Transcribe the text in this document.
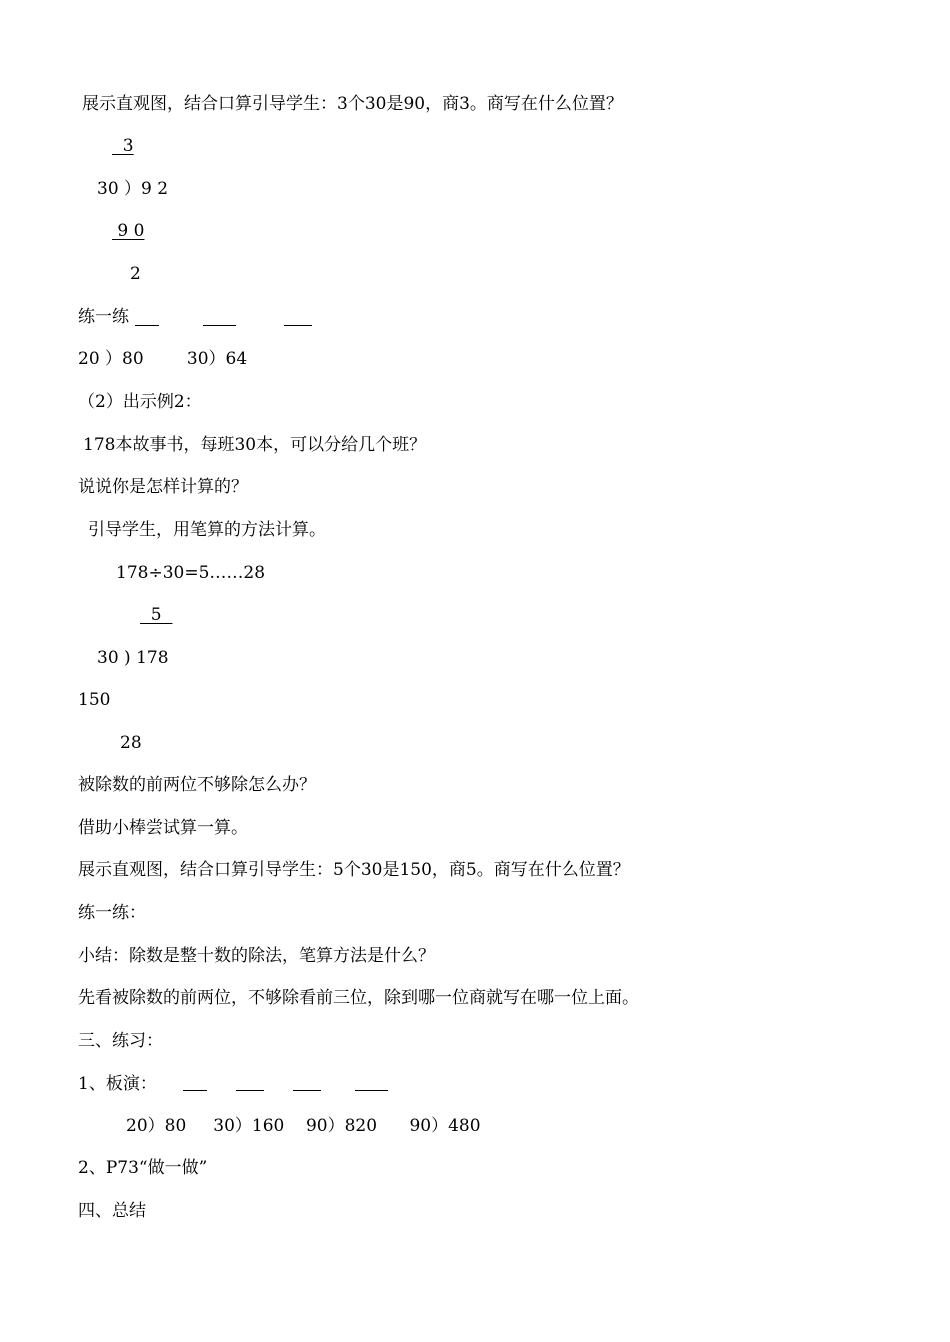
展示直观图，结合口算引导学生：3个30是90，商3。商写在什么位置？
3
30 ）9 2
9 0
2
练一练
20 ）80        30）64
（2）出示例2：
178本故事书，每班30本，可以分给几个班？
说说你是怎样计算的？
引导学生，用笔算的方法计算。
178÷30=5……28
5
30 ) 178
150
28
被除数的前两位不够除怎么办？
借助小棒尝试算一算。
展示直观图，结合口算引导学生：5个30是150，商5。商写在什么位置？
练一练：
小结：除数是整十数的除法，笔算方法是什么？
先看被除数的前两位，不够除看前三位，除到哪一位商就写在哪一位上面。
三、练习：
1、板演：
20）80     30）160    90）820      90）480
2、P73“做一做”
四、总结
